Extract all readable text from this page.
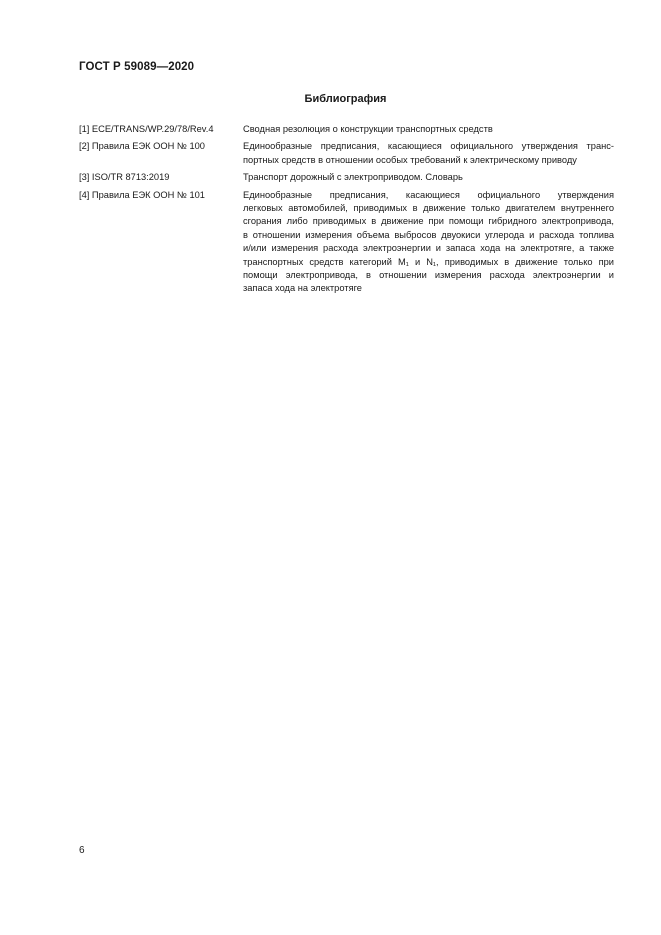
ГОСТ Р 59089—2020
Библиография
[1] ECE/TRANS/WP.29/78/Rev.4	Сводная резолюция о конструкции транспортных средств
[2] Правила ЕЭК ООН № 100	Единообразные предписания, касающиеся официального утверждения транс-
портных средств в отношении особых требований к электрическому приводу
[3] ISO/TR 8713:2019	Транспорт дорожный с электроприводом. Словарь
[4] Правила ЕЭК ООН № 101	Единообразные предписания, касающиеся официального утверждения
легковых автомобилей, приводимых в движение только двигателем внутреннего
сгорания либо приводимых в движение при помощи гибридного электропривода,
в отношении измерения объема выбросов двуокиси углерода и расхода топлива
и/или измерения расхода электроэнергии и запаса хода на электротяге, а также
транспортных средств категорий M₁ и N₁, приводимых в движение только при
помощи электропривода, в отношении измерения расхода электроэнергии и
запаса хода на электротяге
6
